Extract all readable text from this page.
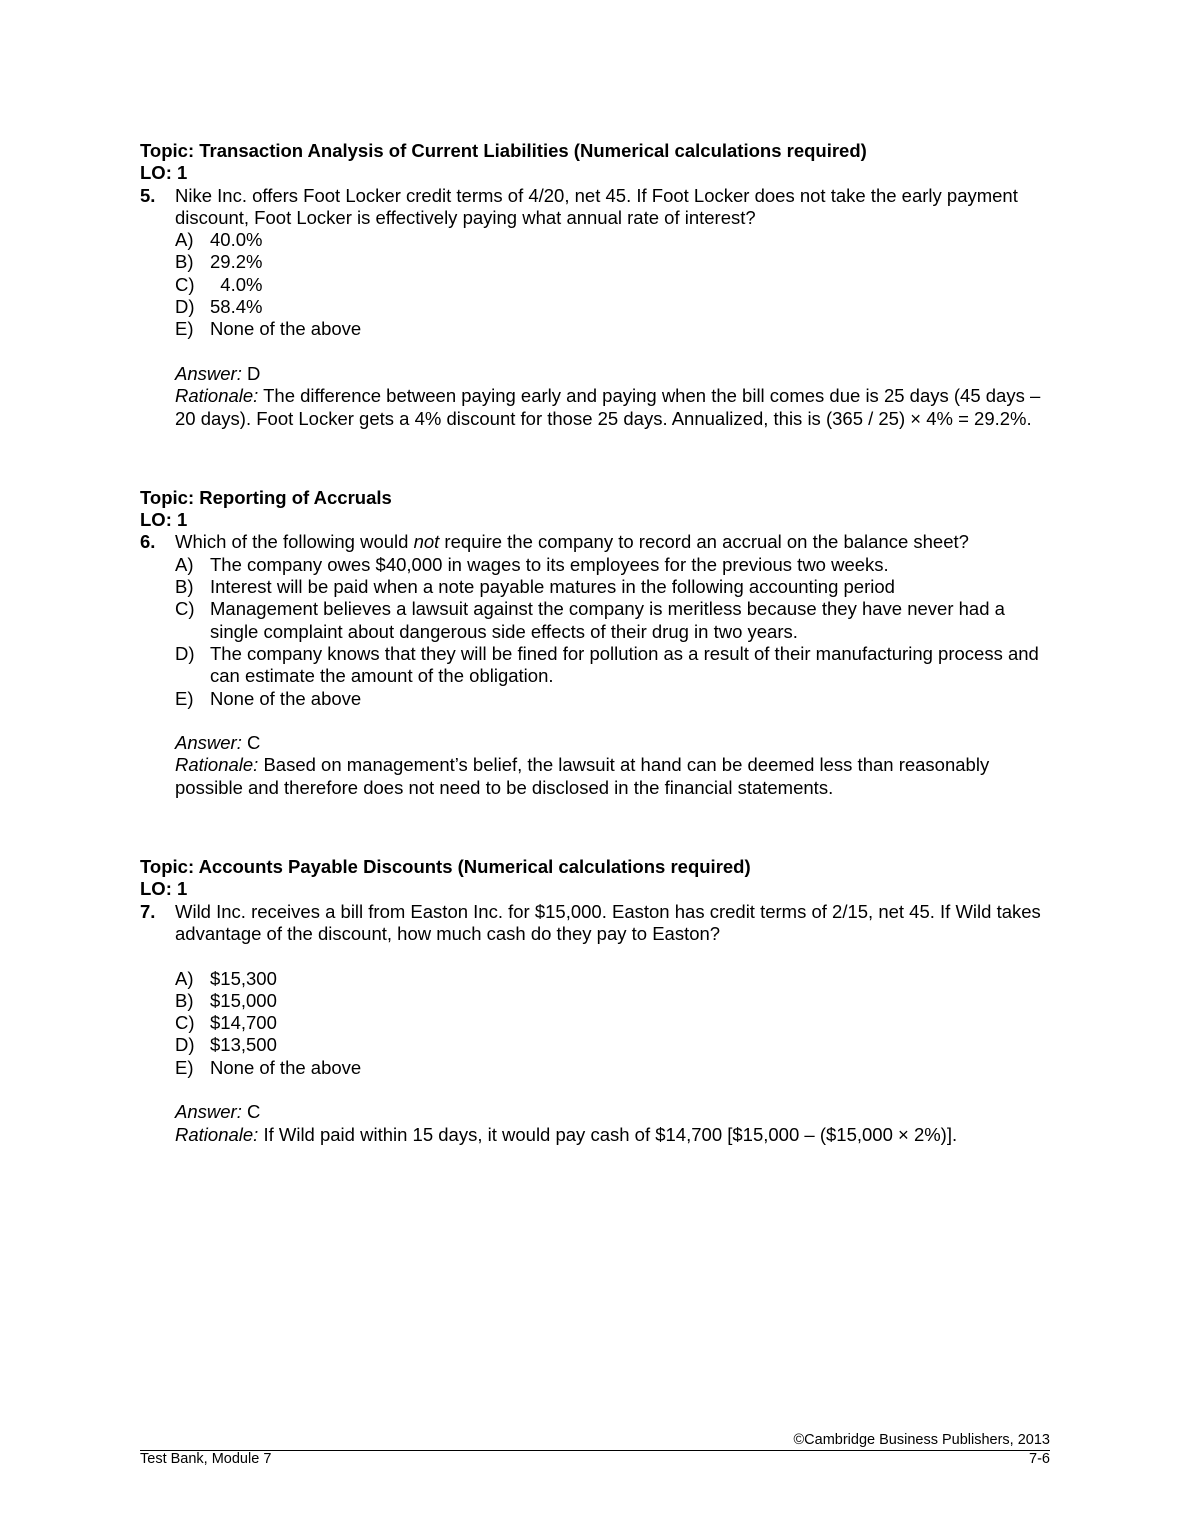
Topic: Transaction Analysis of Current Liabilities (Numerical calculations required)
LO: 1
5.	Nike Inc. offers Foot Locker credit terms of 4/20, net 45. If Foot Locker does not take the early payment discount, Foot Locker is effectively paying what annual rate of interest?
A) 40.0%
B) 29.2%
C) 4.0%
D) 58.4%
E) None of the above
Answer: D
Rationale: The difference between paying early and paying when the bill comes due is 25 days (45 days – 20 days). Foot Locker gets a 4% discount for those 25 days. Annualized, this is (365 / 25) × 4% = 29.2%.
Topic: Reporting of Accruals
LO: 1
6.	Which of the following would not require the company to record an accrual on the balance sheet?
A) The company owes $40,000 in wages to its employees for the previous two weeks.
B) Interest will be paid when a note payable matures in the following accounting period
C) Management believes a lawsuit against the company is meritless because they have never had a single complaint about dangerous side effects of their drug in two years.
D) The company knows that they will be fined for pollution as a result of their manufacturing process and can estimate the amount of the obligation.
E) None of the above
Answer: C
Rationale: Based on management’s belief, the lawsuit at hand can be deemed less than reasonably possible and therefore does not need to be disclosed in the financial statements.
Topic: Accounts Payable Discounts (Numerical calculations required)
LO: 1
7.	Wild Inc. receives a bill from Easton Inc. for $15,000. Easton has credit terms of 2/15, net 45. If Wild takes advantage of the discount, how much cash do they pay to Easton?
A) $15,300
B) $15,000
C) $14,700
D) $13,500
E) None of the above
Answer: C
Rationale: If Wild paid within 15 days, it would pay cash of $14,700 [$15,000 – ($15,000 × 2%)].
©Cambridge Business Publishers, 2013
Test Bank, Module 7	7-6
